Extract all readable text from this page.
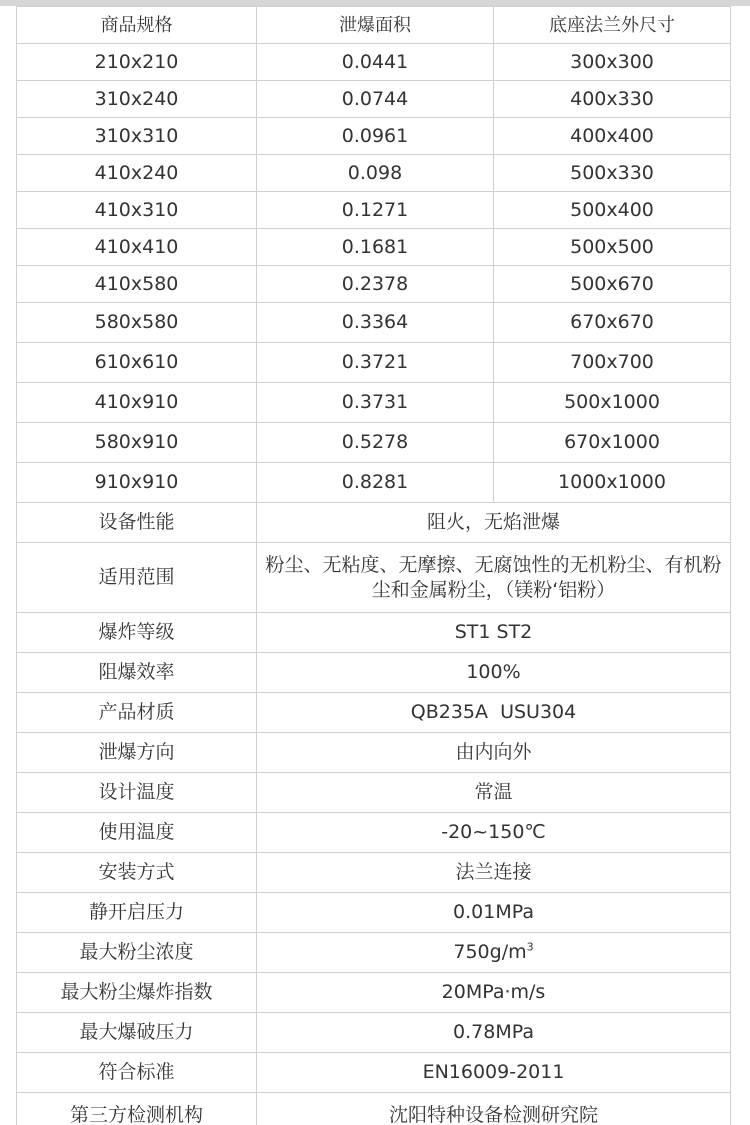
商品规格	泄爆面积	底座法兰外尺寸
210x210	0.0441	300x300
310x240	0.0744	400x330
310x310	0.0961	400x400
410x240	0.098	500x330
410x310	0.1271	500x400
410x410	0.1681	500x500
410x580	0.2378	500x670
580x580	0.3364	670x670
610x610	0.3721	700x700
410x910	0.3731	500x1000
580x910	0.5278	670x1000
910x910	0.8281	1000x1000
设备性能	阻火，无焰泄爆	
适用范围	粉尘、无粘度、无摩擦、无腐蚀性的无机粉尘、有机粉尘和金属粉尘，（镁粉‘铝粉）	
爆炸等级	ST1 ST2	
阻爆效率	100%	
产品材质	QB235A  USU304	
泄爆方向	由内向外	
设计温度	常温	
使用温度	-20~150℃	
安装方式	法兰连接	
静开启压力	0.01MPa	
最大粉尘浓度	$750g/m^3$
最大粉尘爆炸指数	20MPa·m/s	
最大爆破压力	0.78MPa	
符合标准	EN16009-2011	
第三方检测机构	沈阳特种设备检测研究院	
